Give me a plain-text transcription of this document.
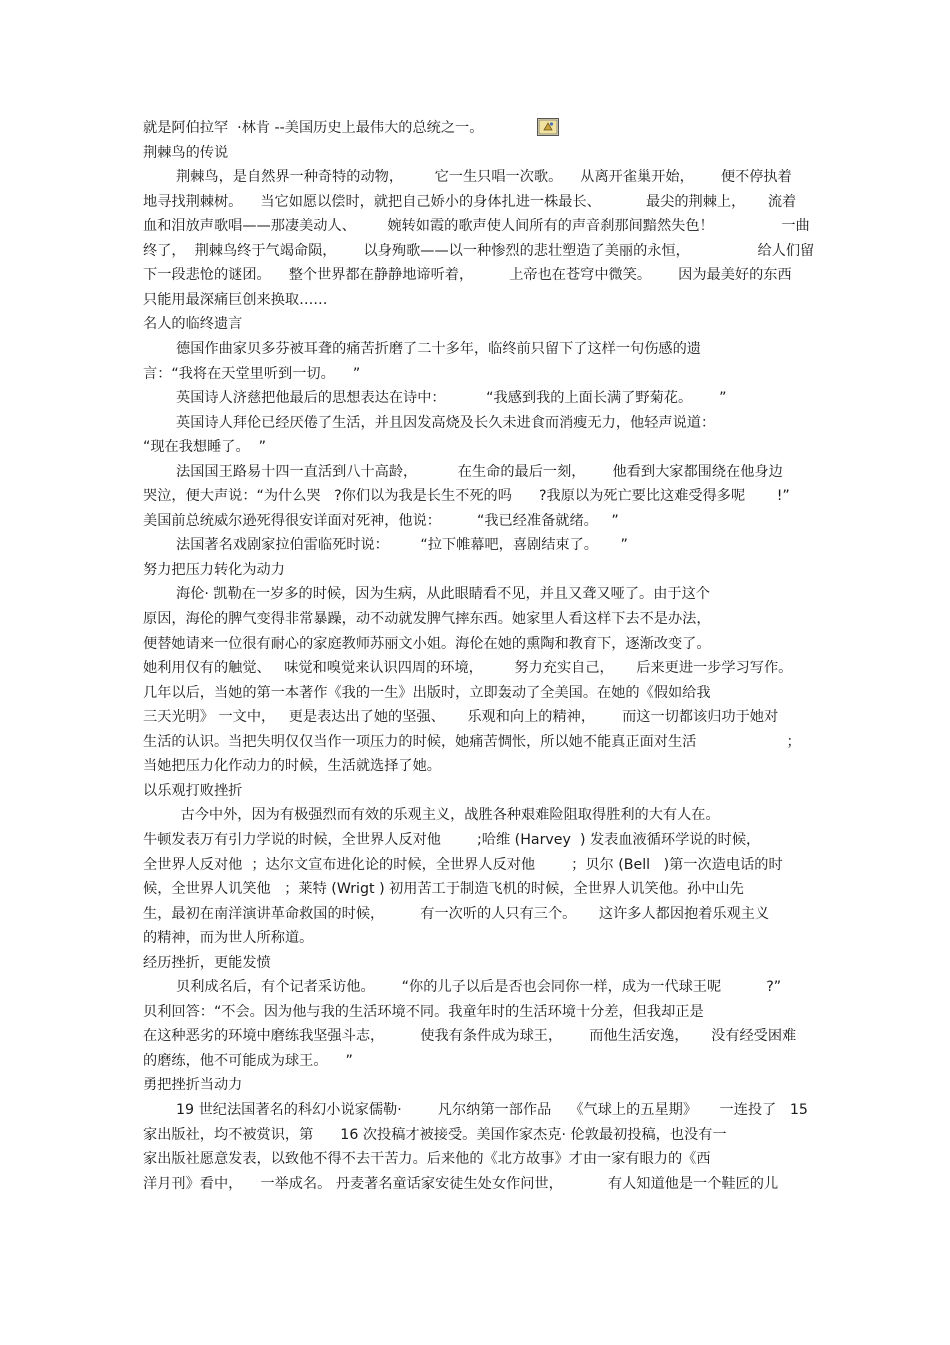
就是阿伯拉罕  ·林肯 --美国历史上最伟大的总统之一。

荆棘鸟的传说

荆棘鸟，是自然界一种奇特的动物，       它一生只唱一次歌。    从离开雀巢开始，      便不停执着

地寻找荆棘树。    当它如愿以偿时，就把自己娇小的身体扎进一株最长、          最尖的荆棘上，     流着

血和泪放声歌唱——那凄美动人、       婉转如霞的歌声使人间所有的声音刹那间黯然失色！               一曲

终了，  荆棘鸟终于气竭命陨，      以身殉歌——以一种惨烈的悲壮塑造了美丽的永恒，               给人们留

下一段悲怆的谜团。    整个世界都在静静地谛听着，        上帝也在苍穹中微笑。      因为最美好的东西

只能用最深痛巨创来换取……

名人的临终遗言

德国作曲家贝多芬被耳聋的痛苦折磨了二十多年，临终前只留下了这样一句伤感的遗

言：“我将在天堂里听到一切。    ”

英国诗人济慈把他最后的思想表达在诗中：         “我感到我的上面长满了野菊花。      ”

英国诗人拜伦已经厌倦了生活，并且因发高烧及长久未进食而消瘦无力，他轻声说道：

“现在我想睡了。  ”

法国国王路易十四一直活到八十高龄，         在生命的最后一刻，      他看到大家都围绕在他身边

哭泣，便大声说：“为什么哭   ?你们以为我是长生不死的吗      ?我原以为死亡要比这难受得多呢       !”

美国前总统威尔逊死得很安详面对死神，他说：        “我已经准备就绪。   ”

法国著名戏剧家拉伯雷临死时说：       “拉下帷幕吧，喜剧结束了。     ”

努力把压力转化为动力

海伦· 凯勒在一岁多的时候，因为生病，从此眼睛看不见，并且又聋又哑了。由于这个

原因，海伦的脾气变得非常暴躁，动不动就发脾气摔东西。她家里人看这样下去不是办法，

便替她请来一位很有耐心的家庭教师苏丽文小姐。海伦在她的熏陶和教育下，逐渐改变了。

她利用仅有的触觉、   味觉和嗅觉来认识四周的环境，       努力充实自己，     后来更进一步学习写作。

几年以后，当她的第一本著作《我的一生》出版时，立即轰动了全美国。在她的《假如给我

三天光明》 一文中，   更是表达出了她的坚强、     乐观和向上的精神，      而这一切都该归功于她对

生活的认识。当把失明仅仅当作一项压力的时候，她痛苦惆怅，所以她不能真正面对生活                    ；

当她把压力化作动力的时候，生活就选择了她。

以乐观打败挫折

古今中外，因为有极强烈而有效的乐观主义，战胜各种艰难险阻取得胜利的大有人在。

牛顿发表万有引力学说的时候，全世界人反对他        ;哈维 (Harvey  ) 发表血液循环学说的时候，

全世界人反对他  ；达尔文宣布进化论的时候，全世界人反对他        ；贝尔 (Bell   )第一次造电话的时

候，全世界人讥笑他   ；莱特 (Wrigt ) 初用苦工于制造飞机的时候，全世界人讥笑他。孙中山先

生，最初在南洋演讲革命救国的时候，        有一次听的人只有三个。     这许多人都因抱着乐观主义

的精神，而为世人所称道。

经历挫折，更能发愤

贝利成名后，有个记者采访他。      “你的儿子以后是否也会同你一样，成为一代球王呢          ?”

贝利回答：“不会。因为他与我的生活环境不同。我童年时的生活环境十分差，但我却正是

在这种恶劣的环境中磨练我坚强斗志，        使我有条件成为球王，      而他生活安逸，     没有经受困难

的磨练，他不可能成为球王。    ”

勇把挫折当动力

19 世纪法国著名的科幻小说家儒勒·        凡尔纳第一部作品    《气球上的五星期》     一连投了   15

家出版社，均不被赏识，第      16 次投稿才被接受。美国作家杰克· 伦敦最初投稿，也没有一

家出版社愿意发表，以致他不得不去干苦力。后来他的《北方故事》才由一家有眼力的《西

洋月刊》看中，    一举成名。 丹麦著名童话家安徒生处女作问世，          有人知道他是一个鞋匠的儿
